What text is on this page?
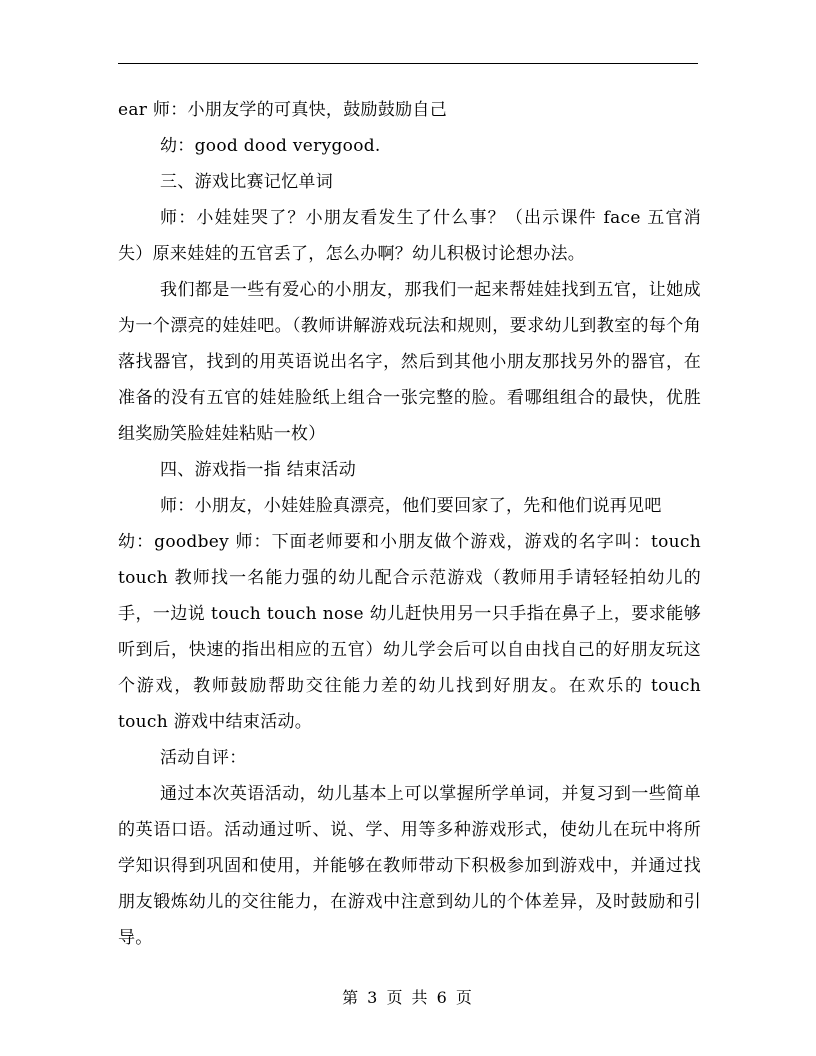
ear 师：小朋友学的可真快，鼓励鼓励自己

幼：good dood verygood.

三、游戏比赛记忆单词

师：小娃娃哭了？小朋友看发生了什么事？（出示课件 face 五官消失）原来娃娃的五官丢了，怎么办啊？幼儿积极讨论想办法。

我们都是一些有爱心的小朋友，那我们一起来帮娃娃找到五官，让她成为一个漂亮的娃娃吧。（教师讲解游戏玩法和规则，要求幼儿到教室的每个角落找器官，找到的用英语说出名字，然后到其他小朋友那找另外的器官，在准备的没有五官的娃娃脸纸上组合一张完整的脸。看哪组组合的最快，优胜组奖励笑脸娃娃粘贴一枚）

四、游戏指一指 结束活动

师：小朋友，小娃娃脸真漂亮，他们要回家了，先和他们说再见吧

幼：goodbey 师：下面老师要和小朋友做个游戏，游戏的名字叫：touch touch 教师找一名能力强的幼儿配合示范游戏（教师用手请轻轻拍幼儿的手，一边说 touch touch nose 幼儿赶快用另一只手指在鼻子上，要求能够听到后，快速的指出相应的五官）幼儿学会后可以自由找自己的好朋友玩这个游戏，教师鼓励帮助交往能力差的幼儿找到好朋友。在欢乐的 touch touch 游戏中结束活动。

活动自评：

通过本次英语活动，幼儿基本上可以掌握所学单词，并复习到一些简单的英语口语。活动通过听、说、学、用等多种游戏形式，使幼儿在玩中将所学知识得到巩固和使用，并能够在教师带动下积极参加到游戏中，并通过找朋友锻炼幼儿的交往能力，在游戏中注意到幼儿的个体差异，及时鼓励和引导。

第 3 页 共 6 页
